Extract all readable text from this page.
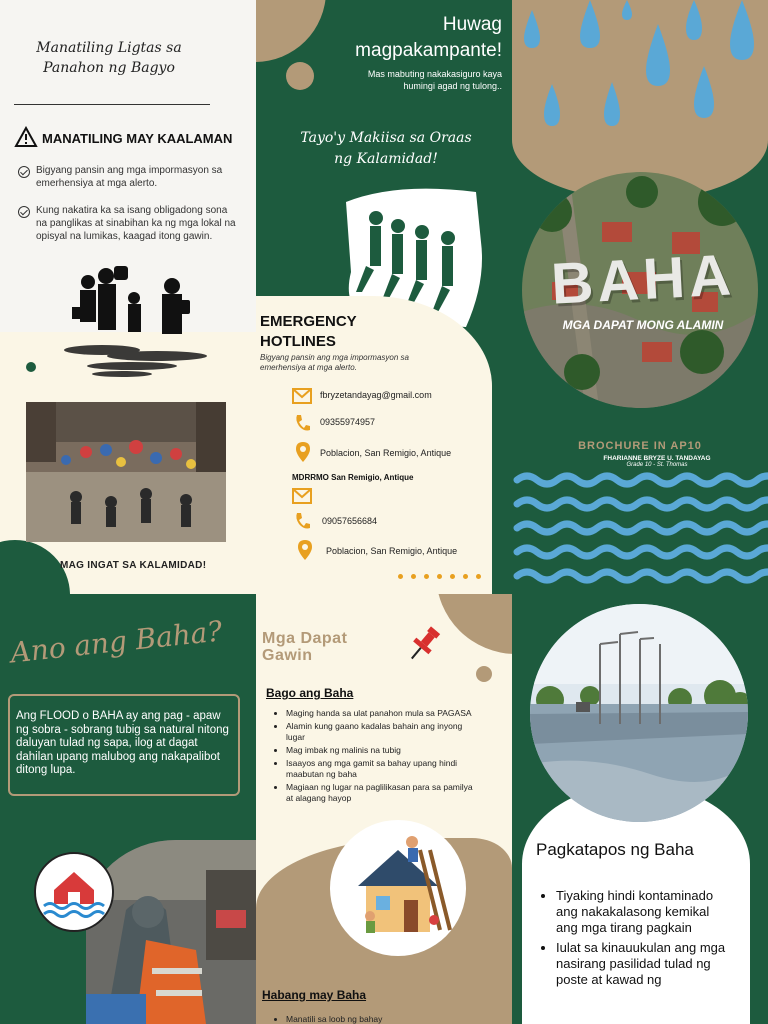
Manatiling Ligtas sa Panahon ng Bagyo
MANATILING MAY KAALAMAN
Bigyang pansin ang mga impormasyon sa emerhensiya at mga alerto.
Kung nakatira ka sa isang obligadong sona na panglikas at sinabihan ka ng mga lokal na opisyal na lumikas, kaagad itong gawin.
MAG INGAT SA KALAMIDAD!
Huwag magpakampante!
Mas mabuting nakakasiguro kaya humingi agad ng tulong..
Tayo'y Makiisa sa Oraas ng Kalamidad!
EMERGENCY HOTLINES
Bigyang pansin ang mga impormasyon sa emerhensiya at mga alerto.
fbryzetandayag@gmail.com
09355974957
Poblacion, San Remigio, Antique
MDRRMO San Remigio, Antique
09057656684
Poblacion, San Remigio, Antique
BAHA
MGA DAPAT MONG ALAMIN
BROCHURE IN AP10
FHARIANNE BRYZE U. TANDAYAG
Grade 10 - St. Thomas
Ano ang Baha?
Ang FLOOD o BAHA ay ang pag - apaw ng sobra - sobrang tubig sa natural nitong daluyan tulad ng sapa, ilog at dagat dahilan upang malubog ang nakapalibot ditong lupa.
Mga Dapat Gawin
Bago ang Baha
• Maging handa sa ulat panahon mula sa PAGASA
• Alamin kung gaano kadalas bahain ang inyong lugar
• Mag imbak ng malinis na tubig
• Isaayos ang mga gamit sa bahay upang hindi maabutan ng baha
• Magiaan ng lugar na paglilikasan para sa pamilya at alagang hayop
Habang may Baha
• Manatili sa loob ng bahay
Pagkatapos ng Baha
• Tiyaking hindi kontaminado ang nakakalasong kemikal ang mga tirang pagkain
• Iulat sa kinauukulan ang mga nasirang pasilidad tulad ng poste at kawad ng
